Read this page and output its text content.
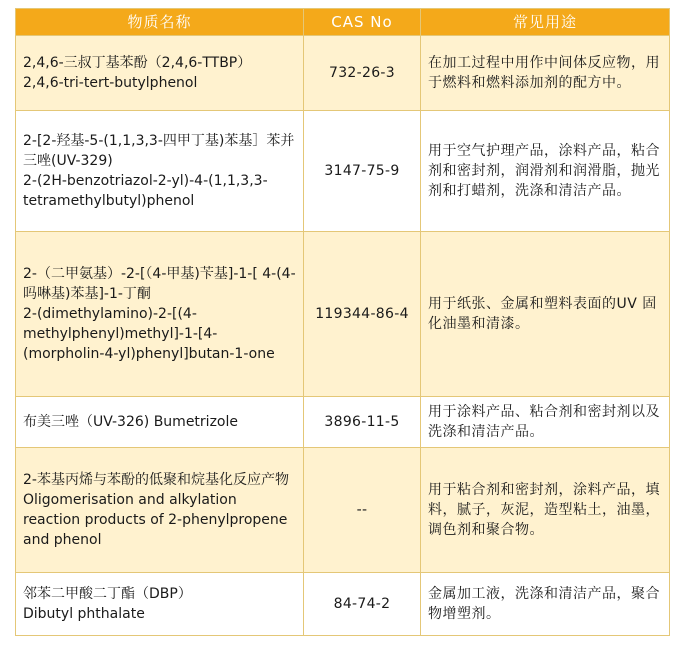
物质名称	CAS No	常见用途

2,4,6-三叔丁基苯酚（2,4,6-TTBP）
2,4,6-tri-tert-butylphenol	732-26-3	在加工过程中用作中间体反应物，用于燃料和燃料添加剂的配方中。

2-[2-羟基-5-(1,1,3,3-四甲丁基)苯基］苯并三唑(UV-329)
2-(2H-benzotriazol-2-yl)-4-(1,1,3,3-tetramethylbutyl)phenol	3147-75-9	用于空气护理产品，涂料产品，粘合剂和密封剂，润滑剂和润滑脂，抛光剂和打蜡剂，洗涤和清洁产品。

2-（二甲氨基）-2-[（4-甲基)苄基]-1-[ 4-(4-吗啉基)苯基]-1-丁酮
2-(dimethylamino)-2-[(4-methylphenyl)methyl]-1-[4-(morpholin-4-yl)phenyl]butan-1-one	119344-86-4	用于纸张、金属和塑料表面的UV 固化油墨和清漆。
布美三唑（UV-326) Bumetrizole	3896-11-5	用于涂料产品、粘合剂和密封剂以及洗涤和清洁产品。

2-苯基丙烯与苯酚的低聚和烷基化反应产物
Oligomerisation and alkylation reaction products of 2-phenylpropene and phenol	--	用于粘合剂和密封剂，涂料产品，填料，腻子，灰泥，造型粘土，油墨，调色剂和聚合物。

邻苯二甲酸二丁酯（DBP）
Dibutyl phthalate	84-74-2	金属加工液，洗涤和清洁产品，聚合物增塑剂。
